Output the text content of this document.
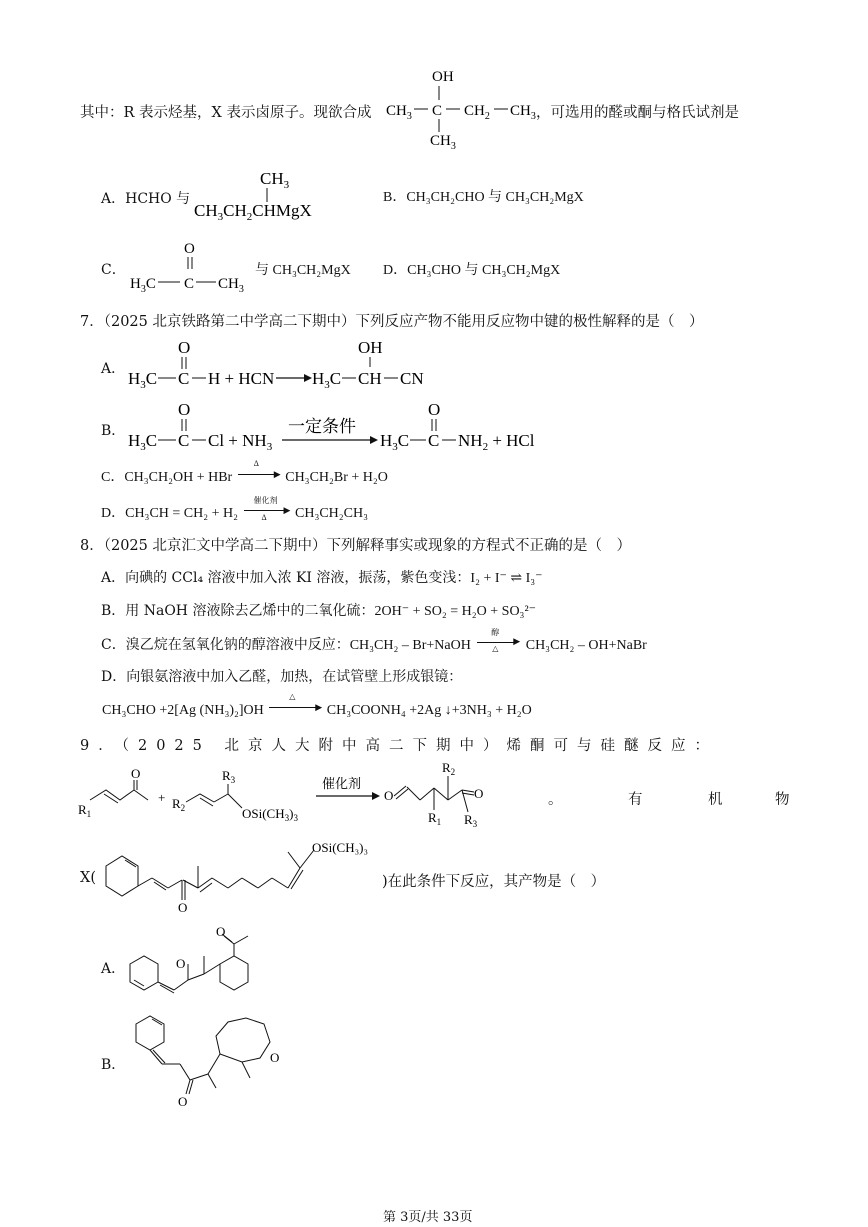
其中：R 表示烃基，X 表示卤原子。现欲合成
OH
$CH_3$ C $CH_2$ $CH_3$
$CH_3$
，可选用的醛或酮与格氏试剂是
A．HCHO 与
$CH_3$
$CH_3CH_2CHMgX$
B．CH₃CH₂CHO 与 CH₃CH₂MgX
C．
O
$H_3C$ C $CH_3$
与 CH₃CH₂MgX D．CH₃CHO 与 CH₃CH₂MgX
7．（2025 北京铁路第二中学高二下期中）下列反应产物不能用反应物中键的极性解释的是（　）
A．
O
$H_3C$ C H + HCN $H_3C$
OH
CH CN
B．
O
$H_3C$ C $Cl + NH_3$
一定条件
$H_3C$
O
C $NH_2$ + HCl
C．CH₃CH₂OH + HBr
Δ
▶ CH₃CH₂Br + H₂O
D．CH₃CH = CH₂ + H₂
催化剂
▶
Δ CH₃CH₂CH₃
8．（2025 北京汇文中学高二下期中）下列解释事实或现象的方程式不正确的是（　）
A．向碘的 CCl₄ 溶液中加入浓 KI 溶液，振荡，紫色变浅：I₂ + I⁻ ⇌ I₃⁻
B．用 NaOH 溶液除去乙烯中的二氧化硫：2OH⁻ + SO₂ = H₂O + SO₃²⁻
C．溴乙烷在氢氧化钠的醇溶液中反应：CH₃CH₂ – Br+NaOH
醇
▶
△ CH₃CH₂ – OH+NaBr
D．向银氨溶液中加入乙醛，加热，在试管壁上形成银镜：
CH₃CHO +2[Ag (NH₃)₂]OH
△
▶ CH₃COONH₄ +2Ag ↓+3NH₃ + H₂O
9．（2025 北京人大附中高二下期中）烯酮可与硅醚反应：
$R_1$
O
+ $R_2$
$R_3$
$OSi(CH_3)_3$
催化剂
O
$R_1$
$R_2$
O
$R_3$
。	有	机	物
X(
O
OSi(CH₃)₃
)在此条件下反应，其产物是（　）
A．	O
O
B．
O
O
第 3页/共 33页
